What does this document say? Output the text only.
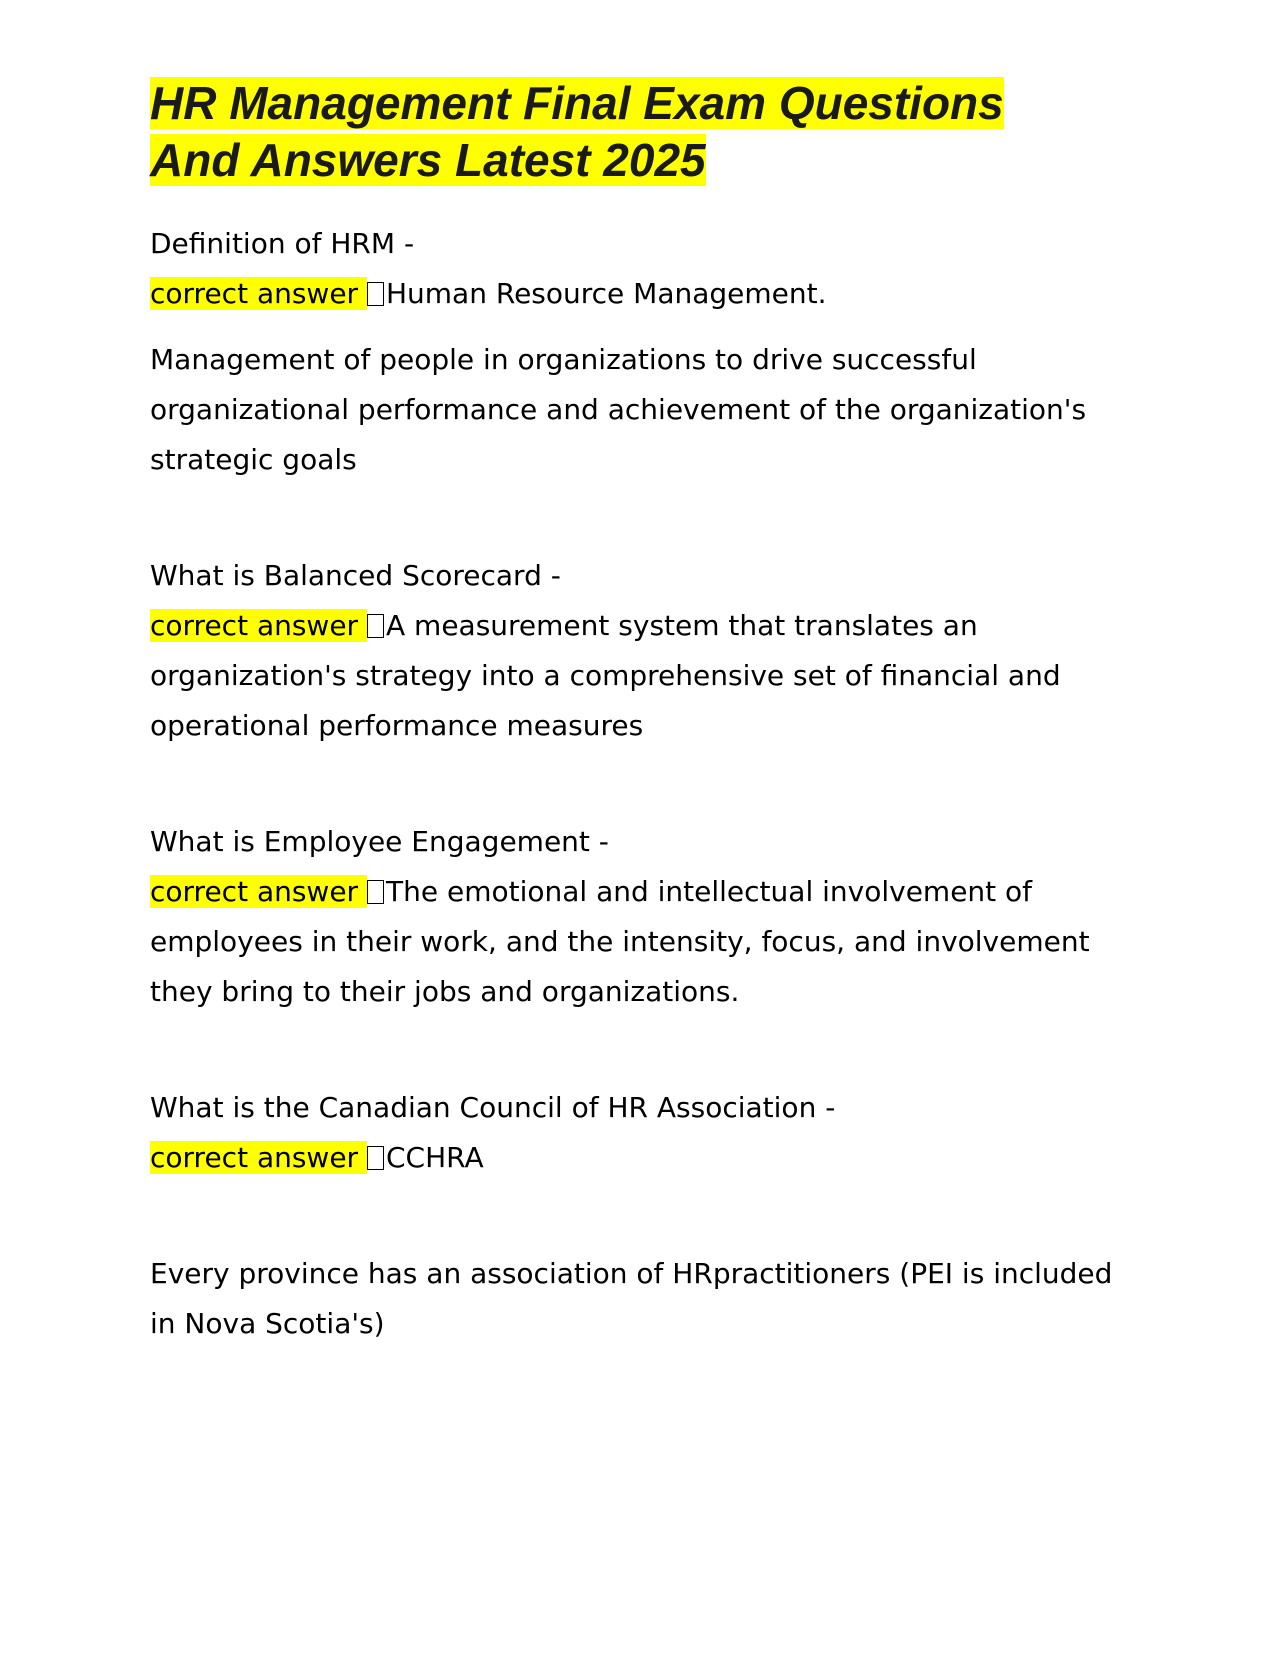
HR Management Final Exam Questions
And Answers Latest 2025

Definition of HRM -

correct answer Human Resource Management.

Management of people in organizations to drive successful organizational performance and achievement of the organization's strategic goals

What is Balanced Scorecard -

correct answer A measurement system that translates an organization's strategy into a comprehensive set of financial and operational performance measures

What is Employee Engagement -

correct answer The emotional and intellectual involvement of employees in their work, and the intensity, focus, and involvement they bring to their jobs and organizations.

What is the Canadian Council of HR Association -

correct answer CCHRA

Every province has an association of HRpractitioners (PEI is included in Nova Scotia's)
